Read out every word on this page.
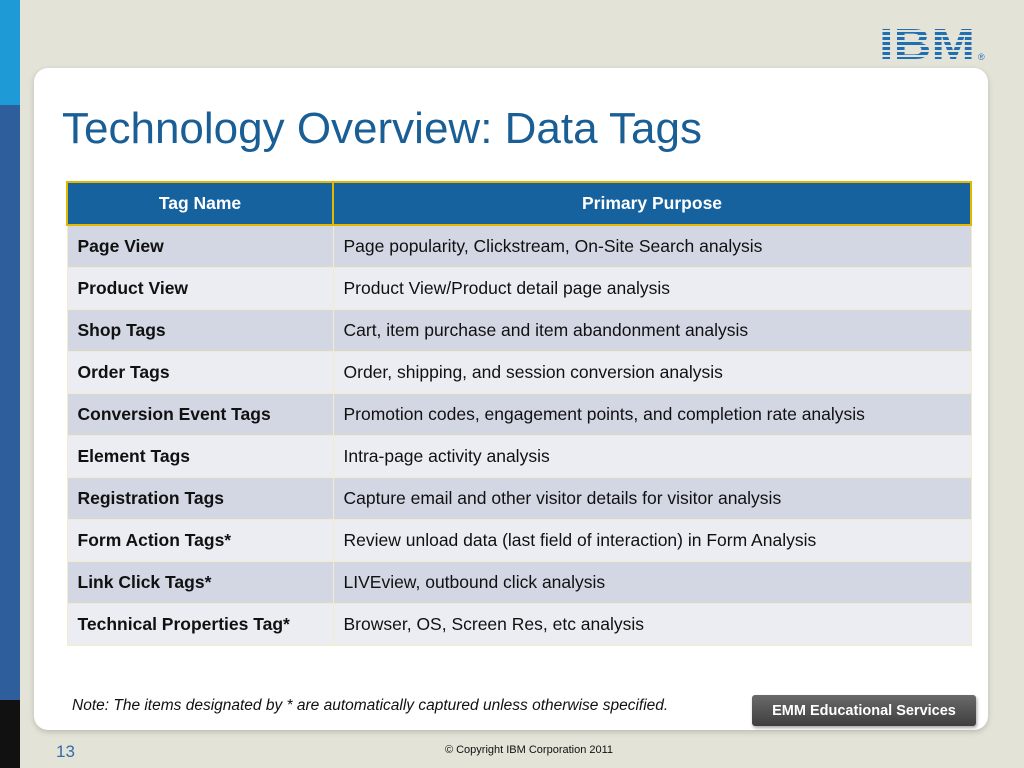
IBM ®
Technology Overview: Data Tags
Tag Name	Primary Purpose
Page View	Page popularity, Clickstream, On-Site Search analysis
Product View	Product View/Product detail page analysis
Shop Tags	Cart, item purchase and item abandonment analysis
Order Tags	Order, shipping, and session conversion analysis
Conversion Event Tags	Promotion codes, engagement points, and completion rate analysis
Element Tags	Intra-page activity analysis
Registration Tags	Capture email and other visitor details for visitor analysis
Form Action Tags*	Review unload data (last field of interaction) in Form Analysis
Link Click Tags*	LIVEview, outbound click analysis
Technical Properties Tag*	Browser, OS, Screen Res, etc analysis
Note: The items designated by * are automatically captured unless otherwise specified.	EMM Educational Services
13	© Copyright IBM Corporation 2011
